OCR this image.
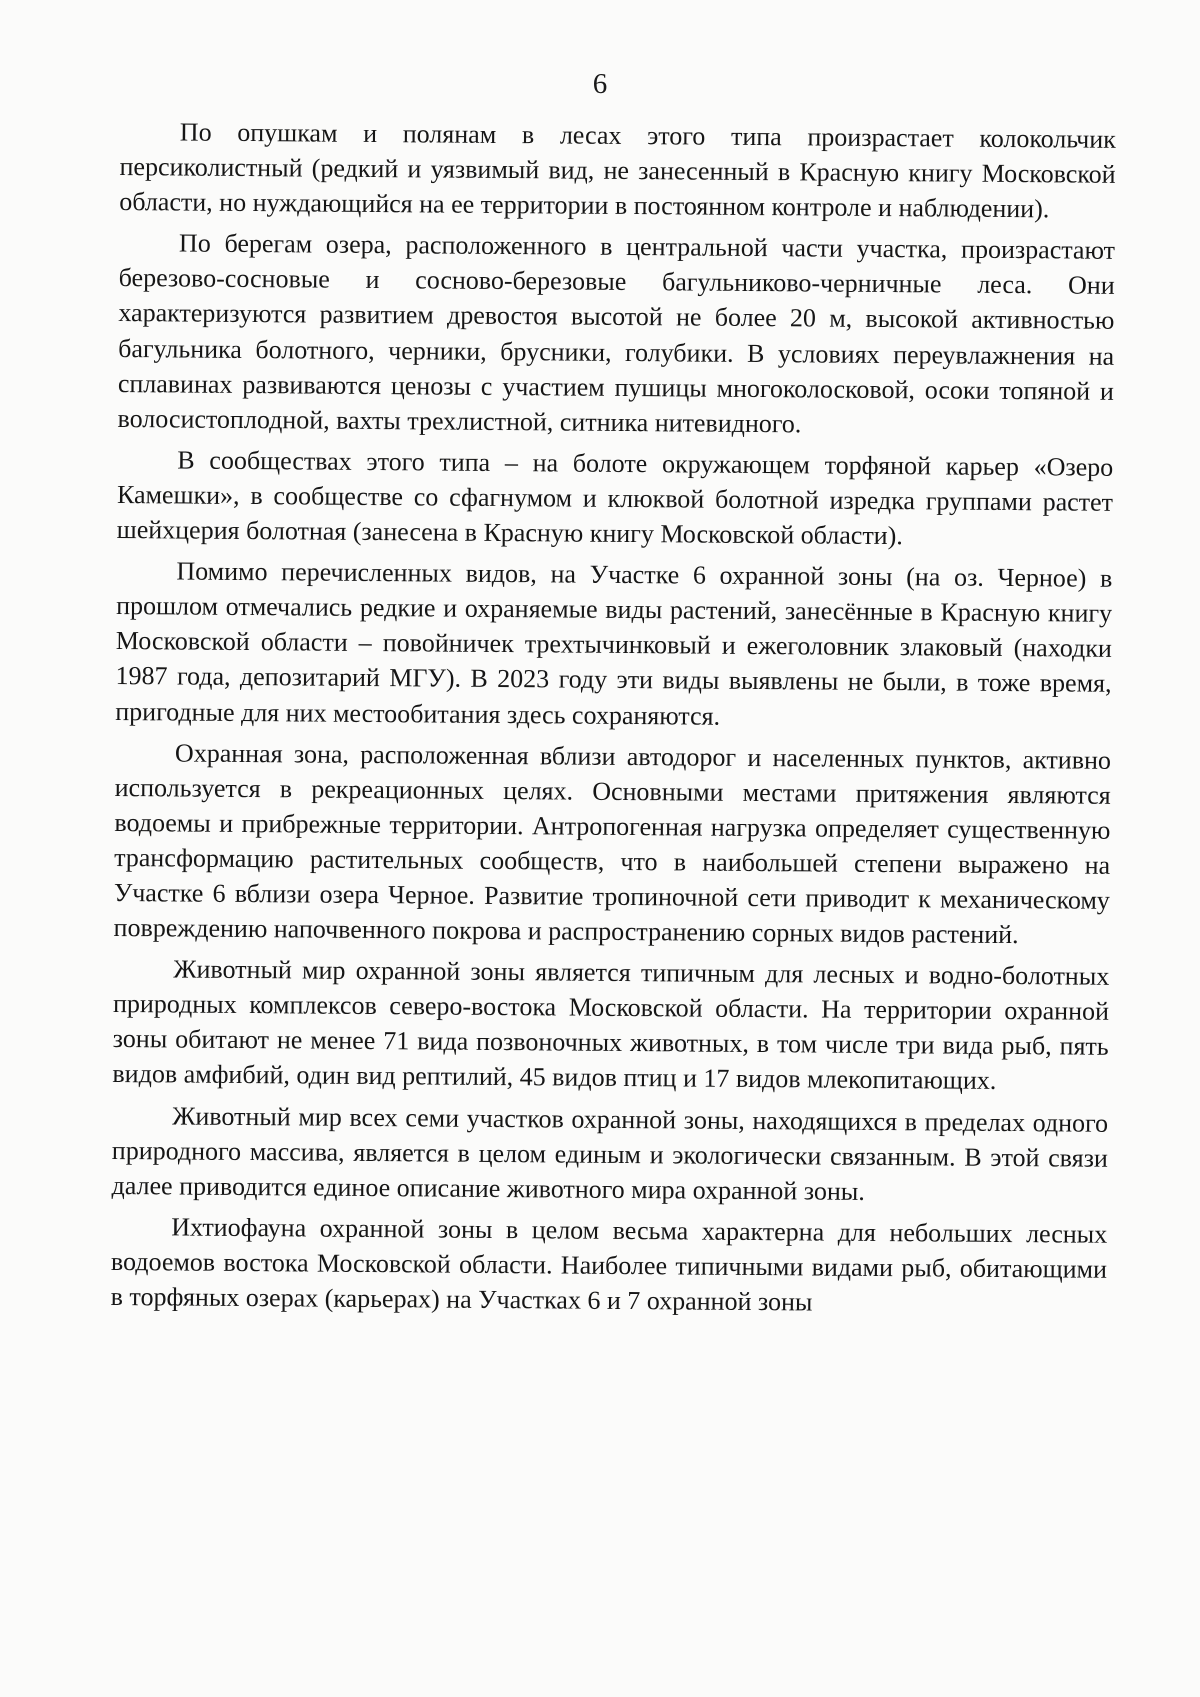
6

По опушкам и полянам в лесах этого типа произрастает колокольчик персиколистный (редкий и уязвимый вид, не занесенный в Красную книгу Московской области, но нуждающийся на ее территории в постоянном контроле и наблюдении).

По берегам озера, расположенного в центральной части участка, произрастают березово-сосновые и сосново-березовые багульниково-черничные леса. Они характеризуются развитием древостоя высотой не более 20 м, высокой активностью багульника болотного, черники, брусники, голубики. В условиях переувлажнения на сплавинах развиваются ценозы с участием пушицы многоколосковой, осоки топяной и волосистоплодной, вахты трехлистной, ситника нитевидного.

В сообществах этого типа – на болоте окружающем торфяной карьер «Озеро Камешки», в сообществе со сфагнумом и клюквой болотной изредка группами растет шейхцерия болотная (занесена в Красную книгу Московской области).

Помимо перечисленных видов, на Участке 6 охранной зоны (на оз. Черное) в прошлом отмечались редкие и охраняемые виды растений, занесённые в Красную книгу Московской области – повойничек трехтычинковый и ежеголовник злаковый (находки 1987 года, депозитарий МГУ). В 2023 году эти виды выявлены не были, в тоже время, пригодные для них местообитания здесь сохраняются.

Охранная зона, расположенная вблизи автодорог и населенных пунктов, активно используется в рекреационных целях. Основными местами притяжения являются водоемы и прибрежные территории. Антропогенная нагрузка определяет существенную трансформацию растительных сообществ, что в наибольшей степени выражено на Участке 6 вблизи озера Черное. Развитие тропиночной сети приводит к механическому повреждению напочвенного покрова и распространению сорных видов растений.

Животный мир охранной зоны является типичным для лесных и водно-болотных природных комплексов северо-востока Московской области. На территории охранной зоны обитают не менее 71 вида позвоночных животных, в том числе три вида рыб, пять видов амфибий, один вид рептилий, 45 видов птиц и 17 видов млекопитающих.

Животный мир всех семи участков охранной зоны, находящихся в пределах одного природного массива, является в целом единым и экологически связанным. В этой связи далее приводится единое описание животного мира охранной зоны.

Ихтиофауна охранной зоны в целом весьма характерна для небольших лесных водоемов востока Московской области. Наиболее типичными видами рыб, обитающими в торфяных озерах (карьерах) на Участках 6 и 7 охранной зоны
